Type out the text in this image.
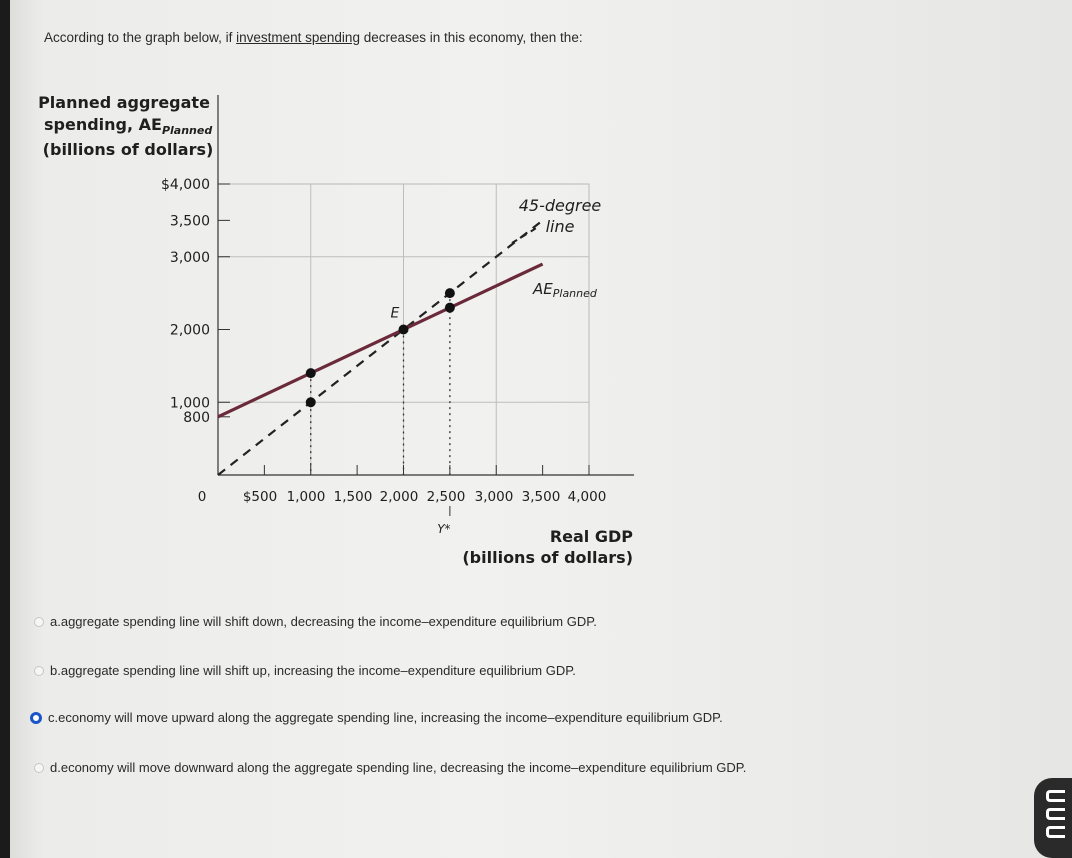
According to the graph below, if investment spending decreases in this economy, then the:
$4,000
3,500
3,000
2,000
1,000
800
$500 1,000 1,500 2,000 2,500 3,000 3,500 4,000
0
Y*
Planned aggregate
spending, $AE_{Planned}$
(billions of dollars)
Real GDP
(billions of dollars)
E
45-degree
line
$AE_{Planned}$
a. aggregate spending line will shift down, decreasing the income–expenditure equilibrium GDP.
b. aggregate spending line will shift up, increasing the income–expenditure equilibrium GDP.
c. economy will move upward along the aggregate spending line, increasing the income–expenditure equilibrium GDP.
d. economy will move downward along the aggregate spending line, decreasing the income–expenditure equilibrium GDP.
